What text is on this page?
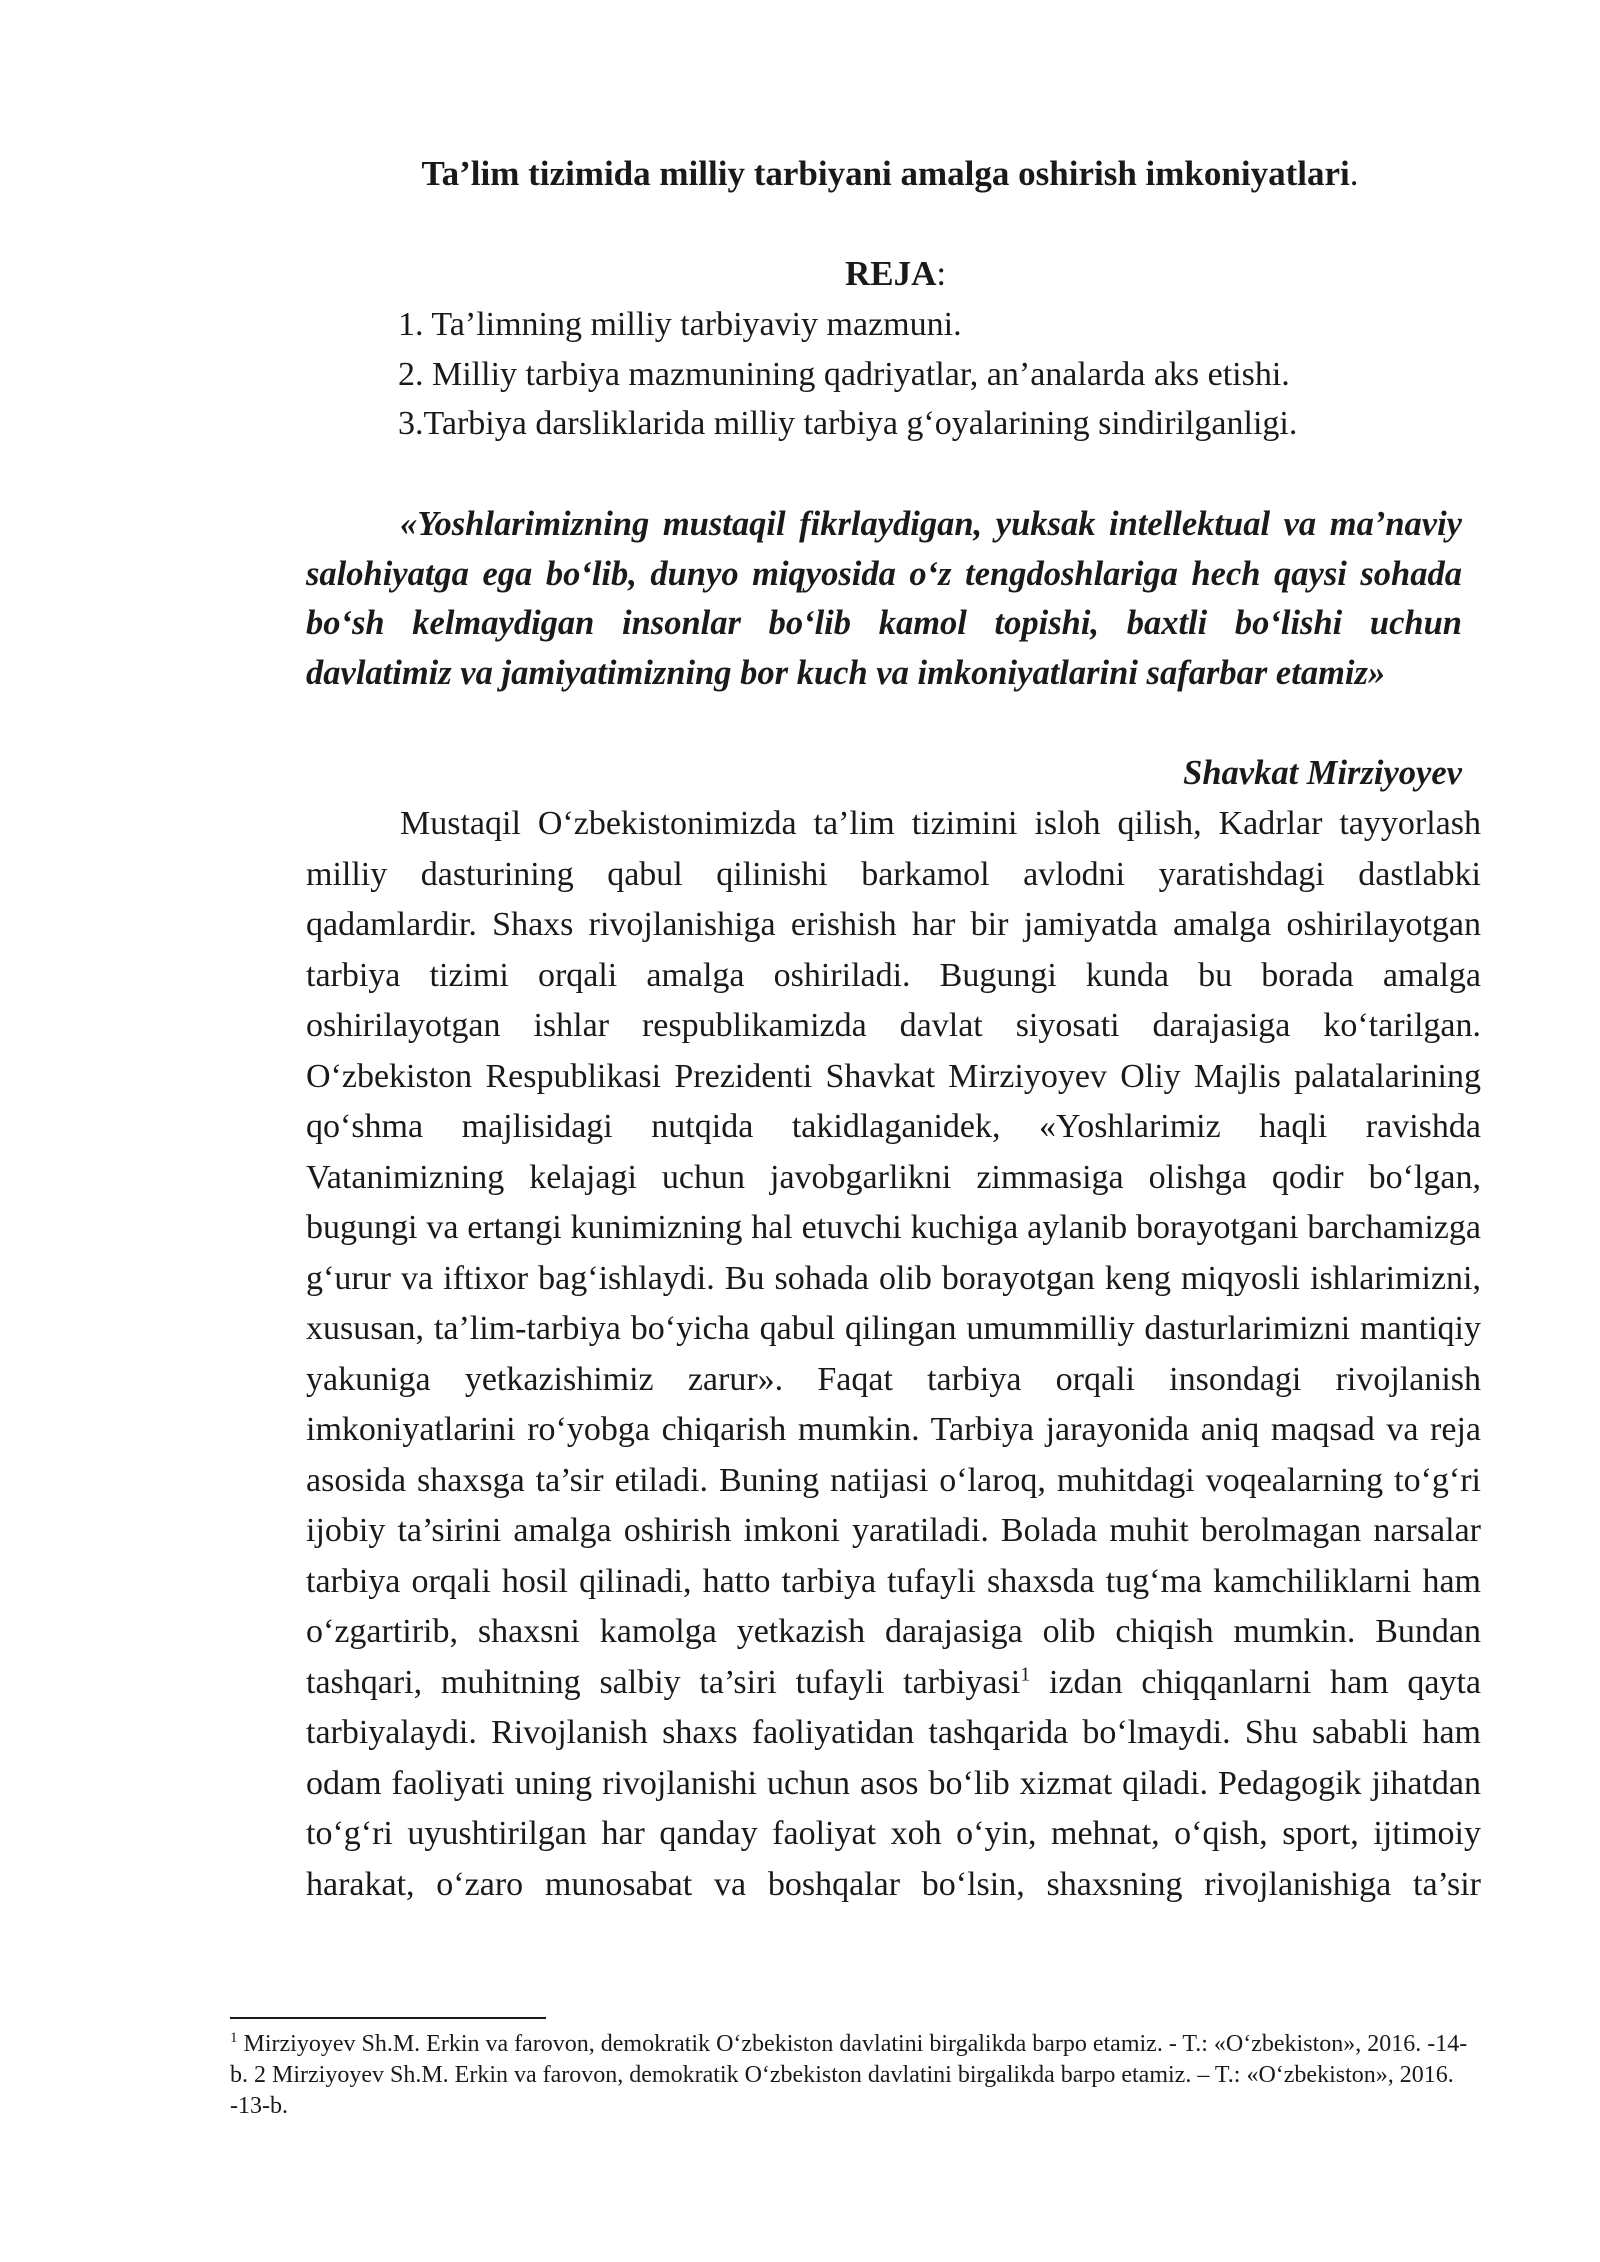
Ta’lim tizimida milliy tarbiyani amalga oshirish imkoniyatlari.
REJA:
1. Ta’limning milliy tarbiyaviy mazmuni.
2. Milliy tarbiya mazmunining qadriyatlar, an’analarda aks etishi.
3.Tarbiya darsliklarida milliy tarbiya g‘oyalarining sindirilganligi.

«Yoshlarimizning mustaqil fikrlaydigan, yuksak intellektual va ma’naviy salohiyatga ega bo‘lib, dunyo miqyosida o‘z tengdoshlariga hech qaysi sohada bo‘sh kelmaydigan insonlar bo‘lib kamol topishi, baxtli bo‘lishi uchun davlatimiz va jamiyatimizning bor kuch va imkoniyatlarini safarbar etamiz»

Shavkat Mirziyoyev

Mustaqil O‘zbekistonimizda ta’lim tizimini isloh qilish, Kadrlar tayyorlash milliy dasturining qabul qilinishi barkamol avlodni yaratishdagi dastlabki qadamlardir. Shaxs rivojlanishiga erishish har bir jamiyatda amalga oshirilayotgan tarbiya tizimi orqali amalga oshiriladi. Bugungi kunda bu borada amalga oshirilayotgan ishlar respublikamizda davlat siyosati darajasiga ko‘tarilgan. O‘zbekiston Respublikasi Prezidenti Shavkat Mirziyoyev Oliy Majlis palatalarining qo‘shma majlisidagi nutqida takidlaganidek, «Yoshlarimiz haqli ravishda Vatanimizning kelajagi uchun javobgarlikni zimmasiga olishga qodir bo‘lgan, bugungi va ertangi kunimizning hal etuvchi kuchiga aylanib borayotgani barchamizga g‘urur va iftixor bag‘ishlaydi. Bu sohada olib borayotgan keng miqyosli ishlarimizni, xususan, ta’lim-tarbiya bo‘yicha qabul qilingan umummilliy dasturlarimizni mantiqiy yakuniga yetkazishimiz zarur». Faqat tarbiya orqali insondagi rivojlanish imkoniyatlarini ro‘yobga chiqarish mumkin. Tarbiya jarayonida aniq maqsad va reja asosida shaxsga ta’sir etiladi. Buning natijasi o‘laroq, muhitdagi voqealarning to‘g‘ri ijobiy ta’sirini amalga oshirish imkoni yaratiladi. Bolada muhit berolmagan narsalar tarbiya orqali hosil qilinadi, hatto tarbiya tufayli shaxsda tug‘ma kamchiliklarni ham o‘zgartirib, shaxsni kamolga yetkazish darajasiga olib chiqish mumkin. Bundan tashqari, muhitning salbiy ta’siri tufayli tarbiyasi$^1$ izdan chiqqanlarni ham qayta tarbiyalaydi. Rivojlanish shaxs faoliyatidan tashqarida bo‘lmaydi. Shu sababli ham odam faoliyati uning rivojlanishi uchun asos bo‘lib xizmat qiladi. Pedagogik jihatdan to‘g‘ri uyushtirilgan har qanday faoliyat xoh o‘yin, mehnat, o‘qish, sport, ijtimoiy harakat, o‘zaro munosabat va boshqalar bo‘lsin, shaxsning rivojlanishiga ta’sir

$^1$ Mirziyoyev Sh.M. Erkin va farovon, demokratik O‘zbekiston davlatini birgalikda barpo etamiz. - T.: «O‘zbekiston», 2016. -14-b. 2 Mirziyoyev Sh.M. Erkin va farovon, demokratik O‘zbekiston davlatini birgalikda barpo etamiz. – T.: «O‘zbekiston», 2016. -13-b.
